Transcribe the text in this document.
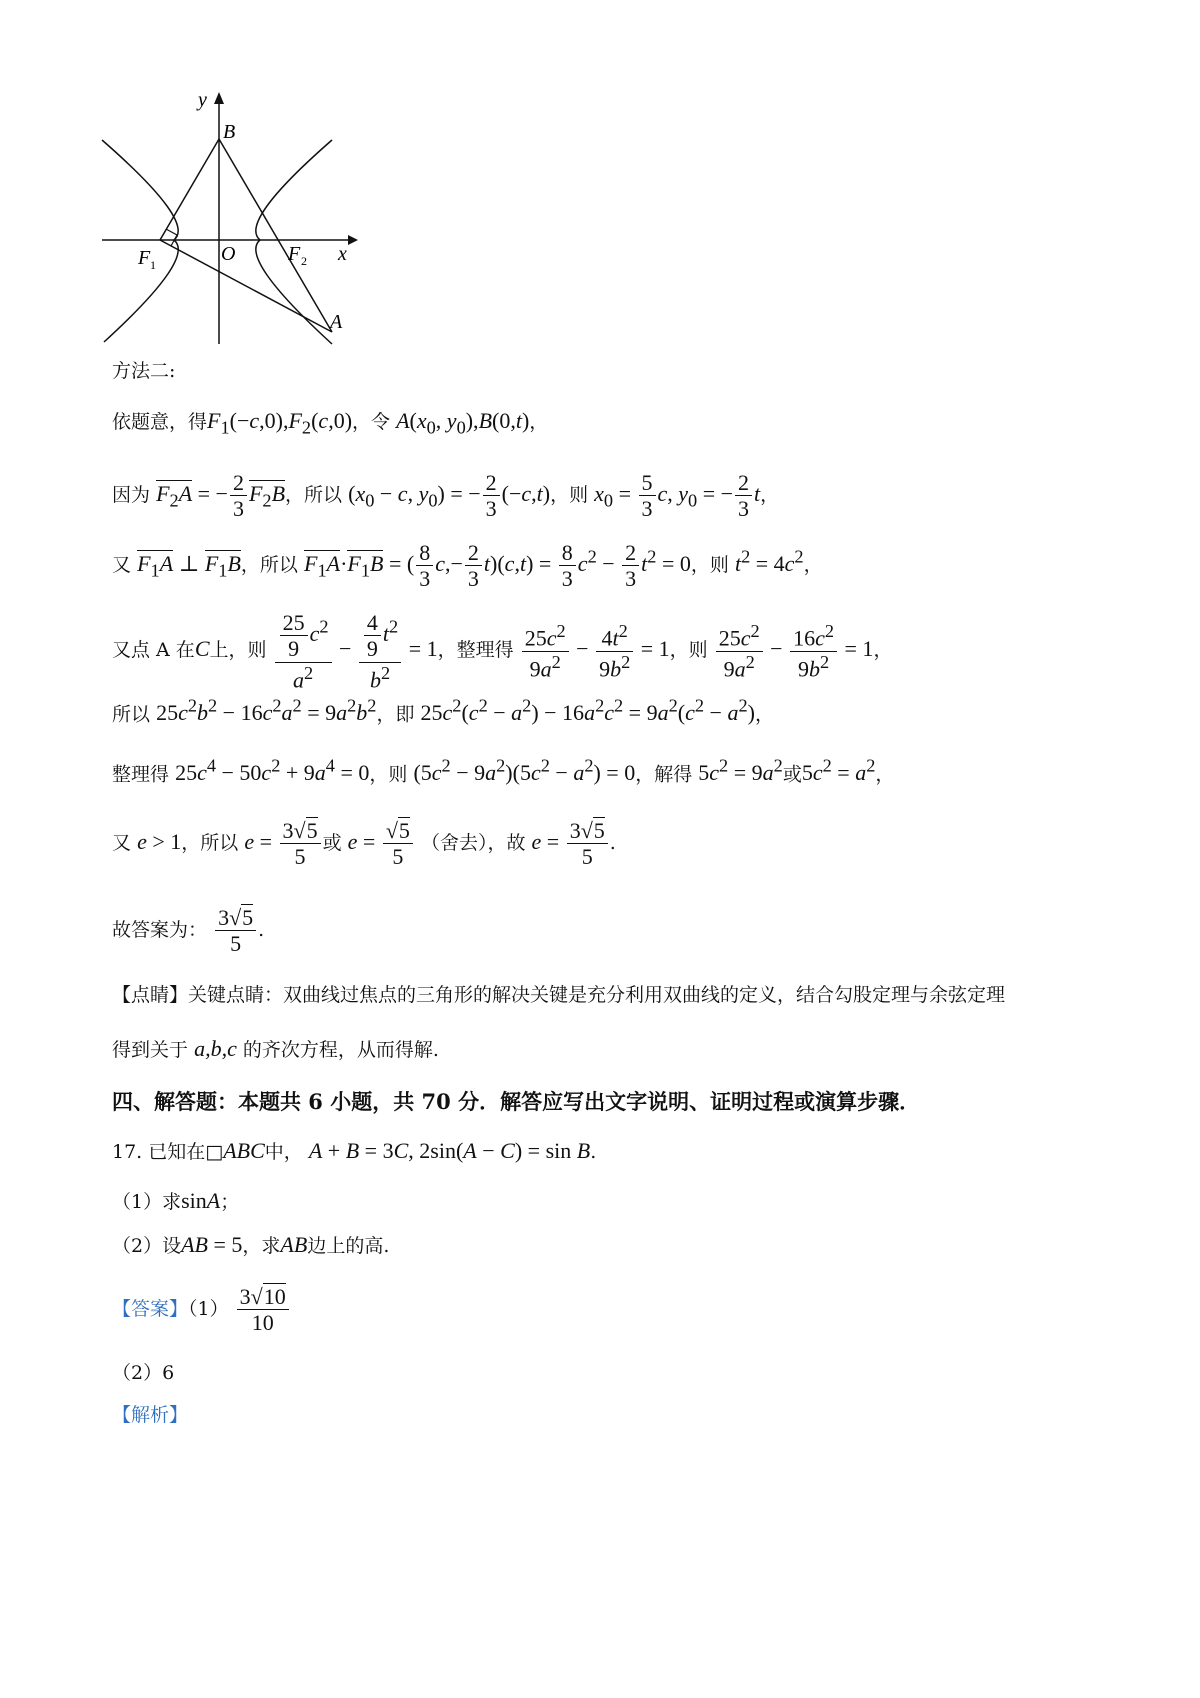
y
B
O	x
F 1	F 2
A
方法二:
依题意，得$F_1(-c,0),F_2(c,0)$，令 $A(x_0$, $y_0),B(0,t)$，
因为 $F_2A$ = − $\frac{2}{3} F_2B$，所以 ($x_0 - c$, $y_0$) = − $\frac{2}{3} (-c,t)$，则 $x_0 = \frac{5}{3} c$, $y_0$ = − $\frac{2}{3}$ t，
又 $F_1A$ ⊥ $F_1B$，所以 $F_1A\cdot F_1B$ = ( $\frac{8}{3} c,- \frac{2}{3} t)(c,t) = \frac{8}{3} c^2 - \frac{2}{3} t^2 = 0$，则 $t^2 = 4c^2$，
又点 A 在C上，则 $\frac{\frac{25}{9} c^2}{a^2} - \frac{\frac{4}{9} t^2}{b^2} = 1$，整理得 $\frac{25c^2}{9a^2} - \frac{4t^2}{9b^2} = 1$，则 $\frac{25c^2}{9a^2} - \frac{16c^2}{9b^2} = 1$，
所以 $25c^2b^2 - 16c^2a^2 = 9a^2b^2$，即 $25c^2(c^2 - a^2) - 16a^2c^2 = 9a^2(c^2 - a^2)$，
整理得 $25c^4 - 50c^2 + 9a^4 = 0$，则 $(5c^2 - 9a^2)(5c^2 - a^2) = 0$，解得 $5c^2 = 9a^2$或$5c^2 = a^2$，
又 e > 1，所以 $e = \frac{3√5}{5}$ 或 $e = \frac{√5}{5}$ （舍去），故 $e = \frac{3√5}{5}$ .
故答案为： $\frac{3√5}{5}$ .
【点睛】关键点睛：双曲线过焦点的三角形的解决关键是充分利用双曲线的定义，结合勾股定理与余弦定理
得到关于 a,b,c 的齐次方程，从而得解.
四、解答题：本题共 6 小题，共 70 分．解答应写出文字说明、证明过程或演算步骤．
17. 已知在□ABC中， A + B = 3C, 2sin(A − C) = sin B.
（1）求sinA；
（2）设AB = 5，求AB边上的高.
【答案】$(1) \frac{3√10}{10}$
（2）6
【解析】
